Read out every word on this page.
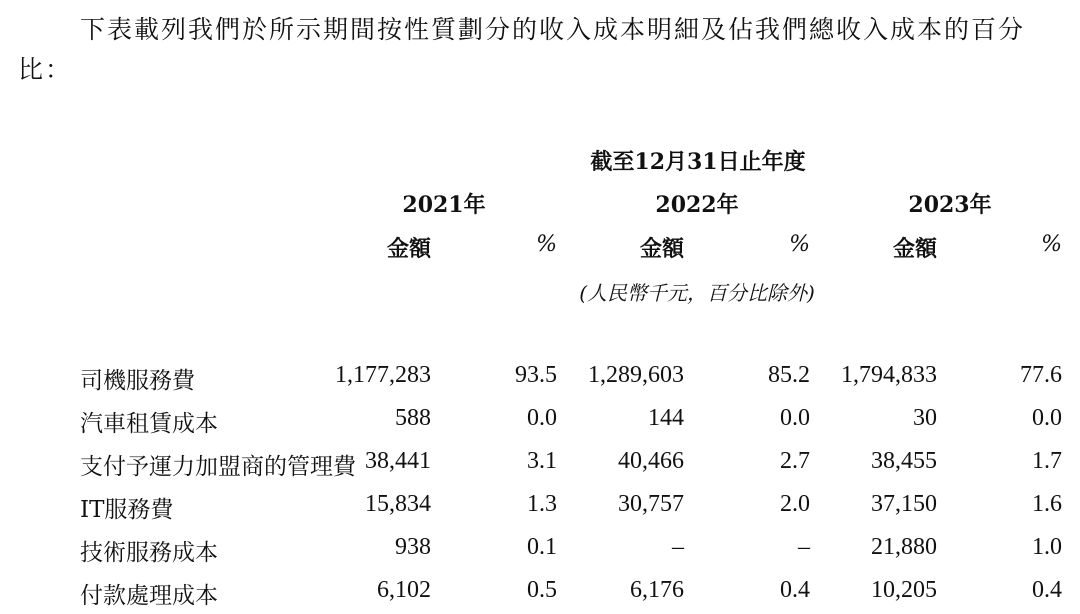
下表載列我們於所示期間按性質劃分的收入成本明細及佔我們總收入成本的百分比：

截至12月31日止年度
2021年	2022年	2023年
金額	%	金額	%	金額	%
(人民幣千元，百分比除外)
司機服務費	1,177,283	93.5 1,289,603	85.2 1,794,833	77.6
汽車租賃成本	588	0.0	144	0.0	30	0.0
支付予運力加盟商的管理費 38,441	3.1	40,466	2.7	38,455	1.7
IT服務費	15,834	1.3	30,757	2.0	37,150	1.6
技術服務成本	938	0.1	–	–	21,880	1.0
付款處理成本	6,102	0.5	6,176	0.4	10,205	0.4
